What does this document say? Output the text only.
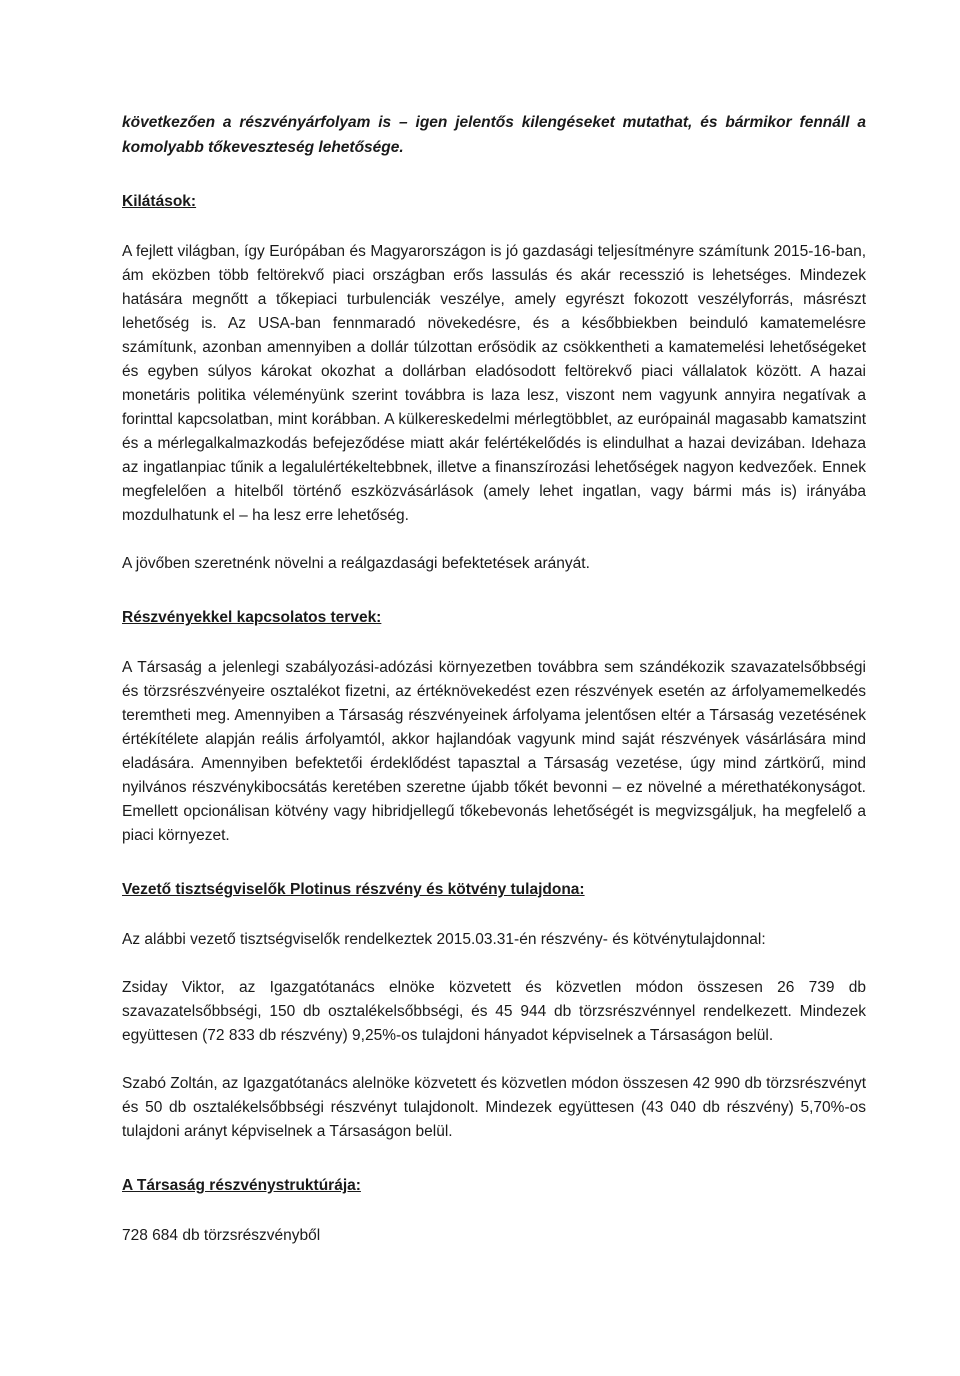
következően a részvényárfolyam is – igen jelentős kilengéseket mutathat, és bármikor fennáll a komolyabb tőkeveszteség lehetősége.

Kilátások:

A fejlett világban, így Európában és Magyarországon is jó gazdasági teljesítményre számítunk 2015-16-ban, ám eközben több feltörekvő piaci országban erős lassulás és akár recesszió is lehetséges. Mindezek hatására megnőtt a tőkepiaci turbulenciák veszélye, amely egyrészt fokozott veszélyforrás, másrészt lehetőség is. Az USA-ban fennmaradó növekedésre, és a későbbiekben beinduló kamatemelésre számítunk, azonban amennyiben a dollár túlzottan erősödik az csökkentheti a kamatemelési lehetőségeket és egyben súlyos károkat okozhat a dollárban eladósodott feltörekvő piaci vállalatok között. A hazai monetáris politika véleményünk szerint továbbra is laza lesz, viszont nem vagyunk annyira negatívak a forinttal kapcsolatban, mint korábban. A külkereskedelmi mérlegtöbblet, az európainál magasabb kamatszint és a mérlegalkalmazkodás befejeződése miatt akár felértékelődés is elindulhat a hazai devizában. Idehaza az ingatlanpiac tűnik a legalulértékeltebbnek, illetve a finanszírozási lehetőségek nagyon kedvezőek. Ennek megfelelően a hitelből történő eszközvásárlások (amely lehet ingatlan, vagy bármi más is) irányába mozdulhatunk el – ha lesz erre lehetőség.

A jövőben szeretnénk növelni a reálgazdasági befektetések arányát.

Részvényekkel kapcsolatos tervek:

A Társaság a jelenlegi szabályozási-adózási környezetben továbbra sem szándékozik szavazatelsőbbségi és törzsrészvényeire osztalékot fizetni, az értéknövekedést ezen részvények esetén az árfolyamemelkedés teremtheti meg. Amennyiben a Társaság részvényeinek árfolyama jelentősen eltér a Társaság vezetésének értékítélete alapján reális árfolyamtól, akkor hajlandóak vagyunk mind saját részvények vásárlására mind eladására. Amennyiben befektetői érdeklődést tapasztal a Társaság vezetése, úgy mind zártkörű, mind nyilvános részvénykibocsátás keretében szeretne újabb tőkét bevonni – ez növelné a mérethatékonyságot. Emellett opcionálisan kötvény vagy hibridjellegű tőkebevonás lehetőségét is megvizsgáljuk, ha megfelelő a piaci környezet.

Vezető tisztségviselők Plotinus részvény és kötvény tulajdona:

Az alábbi vezető tisztségviselők rendelkeztek 2015.03.31-én részvény- és kötvénytulajdonnal:

Zsiday Viktor, az Igazgatótanács elnöke közvetett és közvetlen módon összesen 26 739 db szavazatelsőbbségi, 150 db osztalékelsőbbségi, és 45 944 db törzsrészvénnyel rendelkezett. Mindezek együttesen (72 833 db részvény) 9,25%-os tulajdoni hányadot képviselnek a Társaságon belül.

Szabó Zoltán, az Igazgatótanács alelnöke közvetett és közvetlen módon összesen 42 990 db törzsrészvényt és 50 db osztalékelsőbbségi részvényt tulajdonolt. Mindezek együttesen (43 040 db részvény) 5,70%-os tulajdoni arányt képviselnek a Társaságon belül.

A Társaság részvénystruktúrája:

728 684 db törzsrészvényből
